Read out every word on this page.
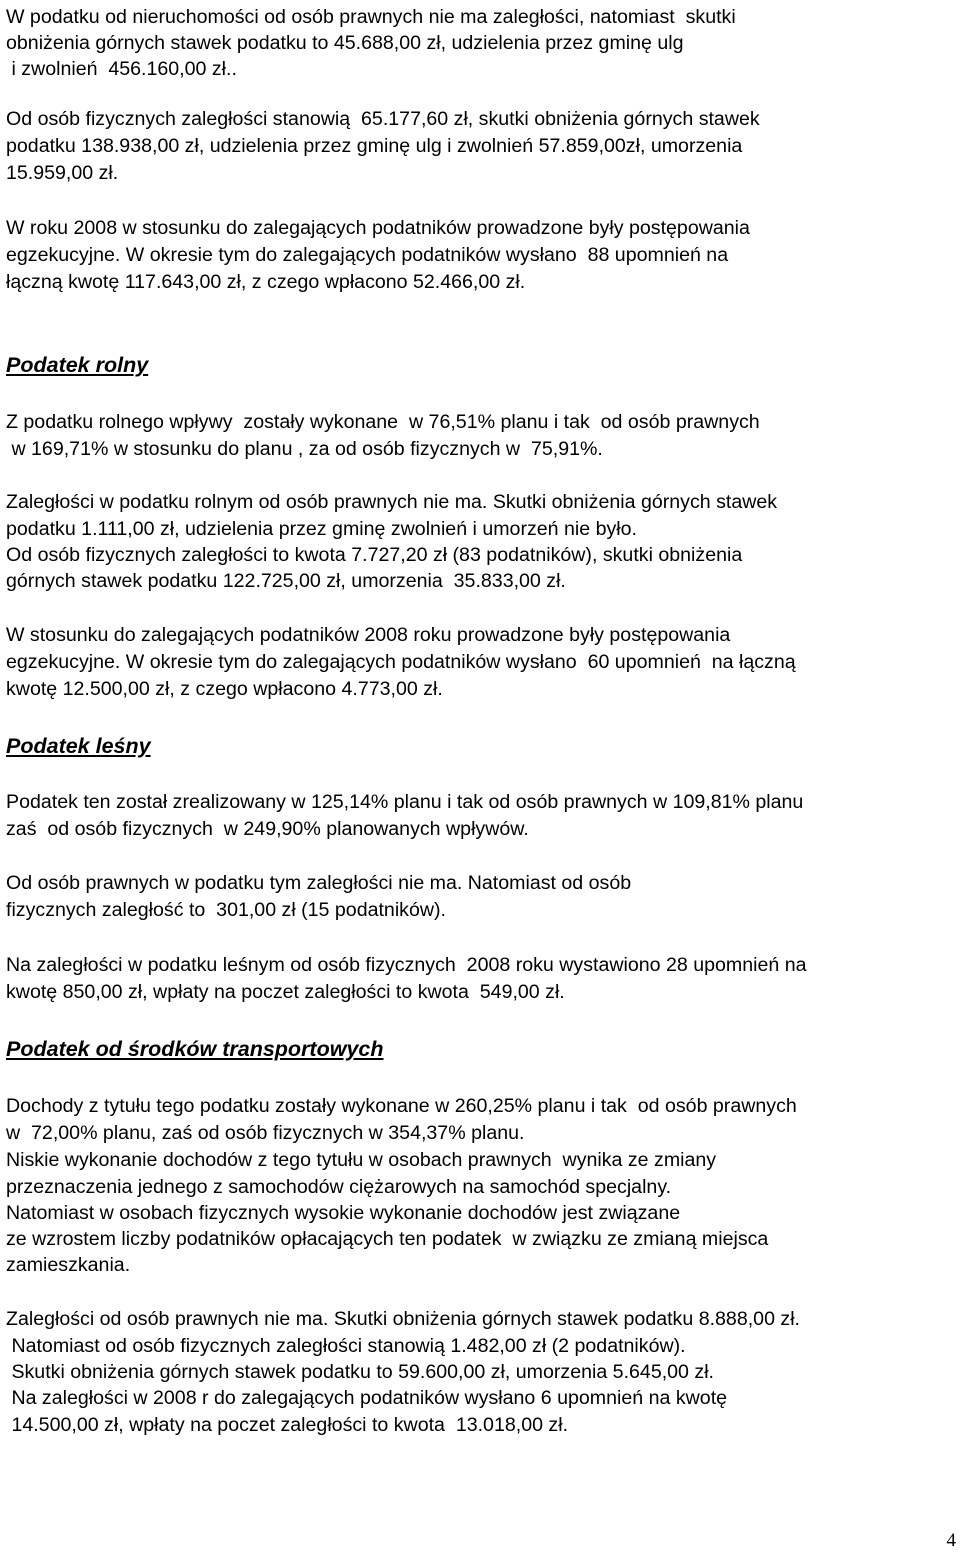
W podatku od nieruchomości od osób prawnych nie ma zaległości, natomiast  skutki
obniżenia górnych stawek podatku to 45.688,00 zł, udzielenia przez gminę ulg
i zwolnień  456.160,00 zł..
Od osób fizycznych zaległości stanowią  65.177,60 zł, skutki obniżenia górnych stawek
podatku 138.938,00 zł, udzielenia przez gminę ulg i zwolnień 57.859,00zł, umorzenia
15.959,00 zł.
W roku 2008 w stosunku do zalegających podatników prowadzone były postępowania
egzekucyjne. W okresie tym do zalegających podatników wysłano  88 upomnień na
łączną kwotę 117.643,00 zł, z czego wpłacono 52.466,00 zł.
Podatek rolny
Z podatku rolnego wpływy  zostały wykonane  w 76,51% planu i tak  od osób prawnych
w 169,71% w stosunku do planu , za od osób fizycznych w  75,91%.
Zaległości w podatku rolnym od osób prawnych nie ma. Skutki obniżenia górnych stawek
podatku 1.111,00 zł, udzielenia przez gminę zwolnień i umorzeń nie było.
Od osób fizycznych zaległości to kwota 7.727,20 zł (83 podatników), skutki obniżenia
górnych stawek podatku 122.725,00 zł, umorzenia  35.833,00 zł.
W stosunku do zalegających podatników 2008 roku prowadzone były postępowania
egzekucyjne. W okresie tym do zalegających podatników wysłano  60 upomnień  na łączną
kwotę 12.500,00 zł, z czego wpłacono 4.773,00 zł.
Podatek leśny
Podatek ten został zrealizowany w 125,14% planu i tak od osób prawnych w 109,81% planu
zaś  od osób fizycznych  w 249,90% planowanych wpływów.
Od osób prawnych w podatku tym zaległości nie ma. Natomiast od osób
fizycznych zaległość to  301,00 zł (15 podatników).
Na zaległości w podatku leśnym od osób fizycznych  2008 roku wystawiono 28 upomnień na
kwotę 850,00 zł, wpłaty na poczet zaległości to kwota  549,00 zł.
Podatek od środków transportowych
Dochody z tytułu tego podatku zostały wykonane w 260,25% planu i tak  od osób prawnych
w  72,00% planu, zaś od osób fizycznych w 354,37% planu.
Niskie wykonanie dochodów z tego tytułu w osobach prawnych  wynika ze zmiany
przeznaczenia jednego z samochodów ciężarowych na samochód specjalny.
Natomiast w osobach fizycznych wysokie wykonanie dochodów jest związane
ze wzrostem liczby podatników opłacających ten podatek  w związku ze zmianą miejsca
zamieszkania.
Zaległości od osób prawnych nie ma. Skutki obniżenia górnych stawek podatku 8.888,00 zł.
Natomiast od osób fizycznych zaległości stanowią 1.482,00 zł (2 podatników).
Skutki obniżenia górnych stawek podatku to 59.600,00 zł, umorzenia 5.645,00 zł.
Na zaległości w 2008 r do zalegających podatników wysłano 6 upomnień na kwotę
14.500,00 zł, wpłaty na poczet zaległości to kwota  13.018,00 zł.
4
